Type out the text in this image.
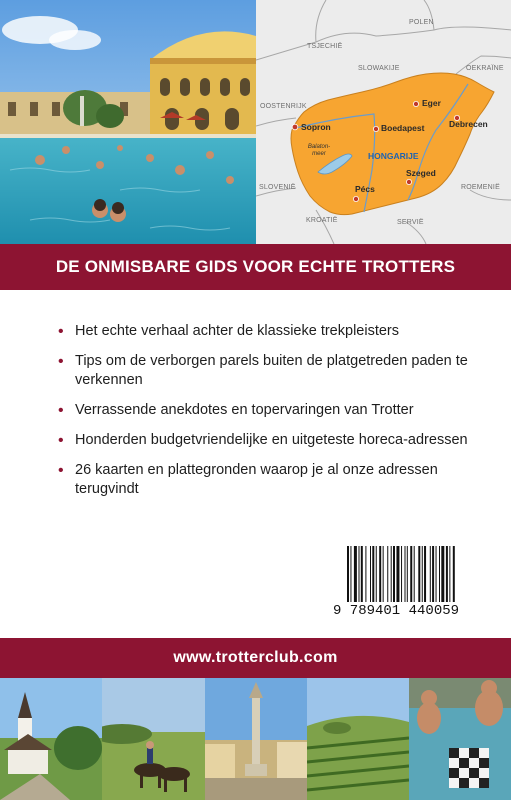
POLEN
TSJECHIË
SLOWAKIJE	OEKRAÏNE
OOSTENRIJK
SLOVENIË	ROEMENIË
KROATIË	SERVIË
Sopron	Boedapest
Eger
Debrecen
Pécs
Szeged
HONGARIJE
Balaton-meer
DE ONMISBARE GIDS VOOR ECHTE TROTTERS
• Het echte verhaal achter de klassieke trekpleisters
• Tips om de verborgen parels buiten de platgetreden paden te verkennen
• Verrassende anekdotes en topervaringen van Trotter
• Honderden budgetvriendelijke en uitgeteste horeca-adressen
• 26 kaarten en plattegronden waarop je al onze adressen terugvindt
9 789401 440059
www.trotterclub.com
